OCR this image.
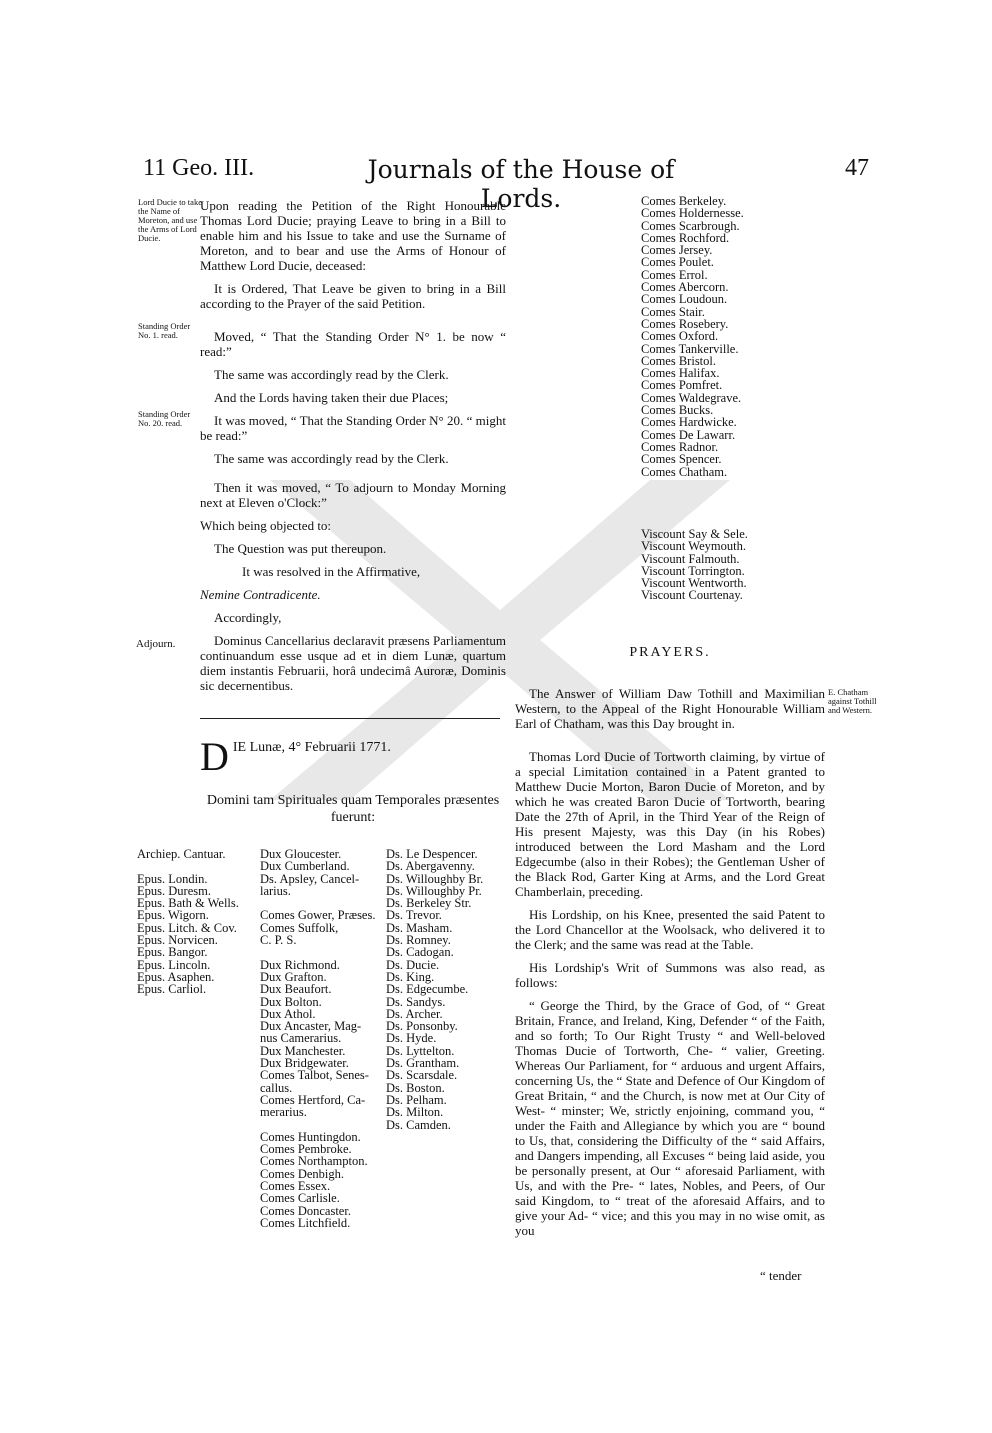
11 Geo. III.	Journals of the House of Lords.
47
Lord Ducie to take the Name of Moreton, and use the Arms of Lord Ducie.
Standing Order No. 1. read.
Standing Order No. 20. read.
Adjourn.
E. Chatham against Tothill and Western.

Upon reading the Petition of the Right Honourable Thomas Lord Ducie; praying Leave to bring in a Bill to enable him and his Issue to take and use the Surname of Moreton, and to bear and use the Arms of Honour of Matthew Lord Ducie, deceased:

It is Ordered, That Leave be given to bring in a Bill according to the Prayer of the said Petition.

Moved, “ That the Standing Order N° 1. be now “ read:”

The same was accordingly read by the Clerk.

And the Lords having taken their due Places;

It was moved, “ That the Standing Order N° 20. “ might be read:”

The same was accordingly read by the Clerk.

Then it was moved, “ To adjourn to Monday Morning next at Eleven o'Clock:”

Which being objected to:

The Question was put thereupon.

It was resolved in the Affirmative,

Nemine Contradicente.

Accordingly,

Dominus Cancellarius declaravit præsens Parliamentum continuandum esse usque ad et in diem Lunæ, quartum diem instantis Februarii, horâ undecimâ Auroræ, Dominis sic decernentibus.

D IE Lunæ, 4° Februarii 1771.
Domini tam Spirituales quam Temporales præsentes fuerunt:
Archiep. Cantuar.

Epus. Londin.
Epus. Duresm.
Epus. Bath & Wells.
Epus. Wigorn.
Epus. Litch. & Cov.
Epus. Norvicen.
Epus. Bangor.
Epus. Lincoln.
Epus. Asaphen.
Epus. Carliol.
Dux Gloucester.
Dux Cumberland.
Ds. Apsley, Cancel-
larius.

Comes Gower, Præses.
Comes Suffolk,
C. P. S.

Dux Richmond.
Dux Grafton.
Dux Beaufort.
Dux Bolton.
Dux Athol.
Dux Ancaster, Mag-
nus Camerarius.
Dux Manchester.
Dux Bridgewater.
Comes Talbot, Senes-
callus.
Comes Hertford, Ca-
merarius.

Comes Huntingdon.
Comes Pembroke.
Comes Northampton.
Comes Denbigh.
Comes Essex.
Comes Carlisle.
Comes Doncaster.
Comes Litchfield.
Ds. Le Despencer.
Ds. Abergavenny.
Ds. Willoughby Br.
Ds. Willoughby Pr.
Ds. Berkeley Str.
Ds. Trevor.
Ds. Masham.
Ds. Romney.
Ds. Cadogan.
Ds. Ducie.
Ds. King.
Ds. Edgecumbe.
Ds. Sandys.
Ds. Archer.
Ds. Ponsonby.
Ds. Hyde.
Ds. Lyttelton.
Ds. Grantham.
Ds. Scarsdale.
Ds. Boston.
Ds. Pelham.
Ds. Milton.
Ds. Camden.
Comes Berkeley.
Comes Holdernesse.
Comes Scarbrough.
Comes Rochford.
Comes Jersey.
Comes Poulet.
Comes Errol.
Comes Abercorn.
Comes Loudoun.
Comes Stair.
Comes Rosebery.
Comes Oxford.
Comes Tankerville.
Comes Bristol.
Comes Halifax.
Comes Pomfret.
Comes Waldegrave.
Comes Bucks.
Comes Hardwicke.
Comes De Lawarr.
Comes Radnor.
Comes Spencer.
Comes Chatham.
Viscount Say & Sele.
Viscount Weymouth.
Viscount Falmouth.
Viscount Torrington.
Viscount Wentworth.
Viscount Courtenay.
PRAYERS.

The Answer of William Daw Tothill and Maximilian Western, to the Appeal of the Right Honourable William Earl of Chatham, was this Day brought in.

Thomas Lord Ducie of Tortworth claiming, by virtue of a special Limitation contained in a Patent granted to Matthew Ducie Morton, Baron Ducie of Moreton, and by which he was created Baron Ducie of Tortworth, bearing Date the 27th of April, in the Third Year of the Reign of His present Majesty, was this Day (in his Robes) introduced between the Lord Masham and the Lord Edgecumbe (also in their Robes); the Gentleman Usher of the Black Rod, Garter King at Arms, and the Lord Great Chamberlain, preceding.

His Lordship, on his Knee, presented the said Patent to the Lord Chancellor at the Woolsack, who delivered it to the Clerk; and the same was read at the Table.

His Lordship's Writ of Summons was also read, as follows:

“ George the Third, by the Grace of God, of “ Great Britain, France, and Ireland, King, Defender “ of the Faith, and so forth; To Our Right Trusty “ and Well-beloved Thomas Ducie of Tortworth, Che- “ valier, Greeting. Whereas Our Parliament, for “ arduous and urgent Affairs, concerning Us, the “ State and Defence of Our Kingdom of Great Britain, “ and the Church, is now met at Our City of West- “ minster; We, strictly enjoining, command you, “ under the Faith and Allegiance by which you are “ bound to Us, that, considering the Difficulty of the “ said Affairs, and Dangers impending, all Excuses “ being laid aside, you be personally present, at Our “ aforesaid Parliament, with Us, and with the Pre- “ lates, Nobles, and Peers, of Our said Kingdom, to “ treat of the aforesaid Affairs, and to give your Ad- “ vice; and this you may in no wise omit, as you

“ tender
